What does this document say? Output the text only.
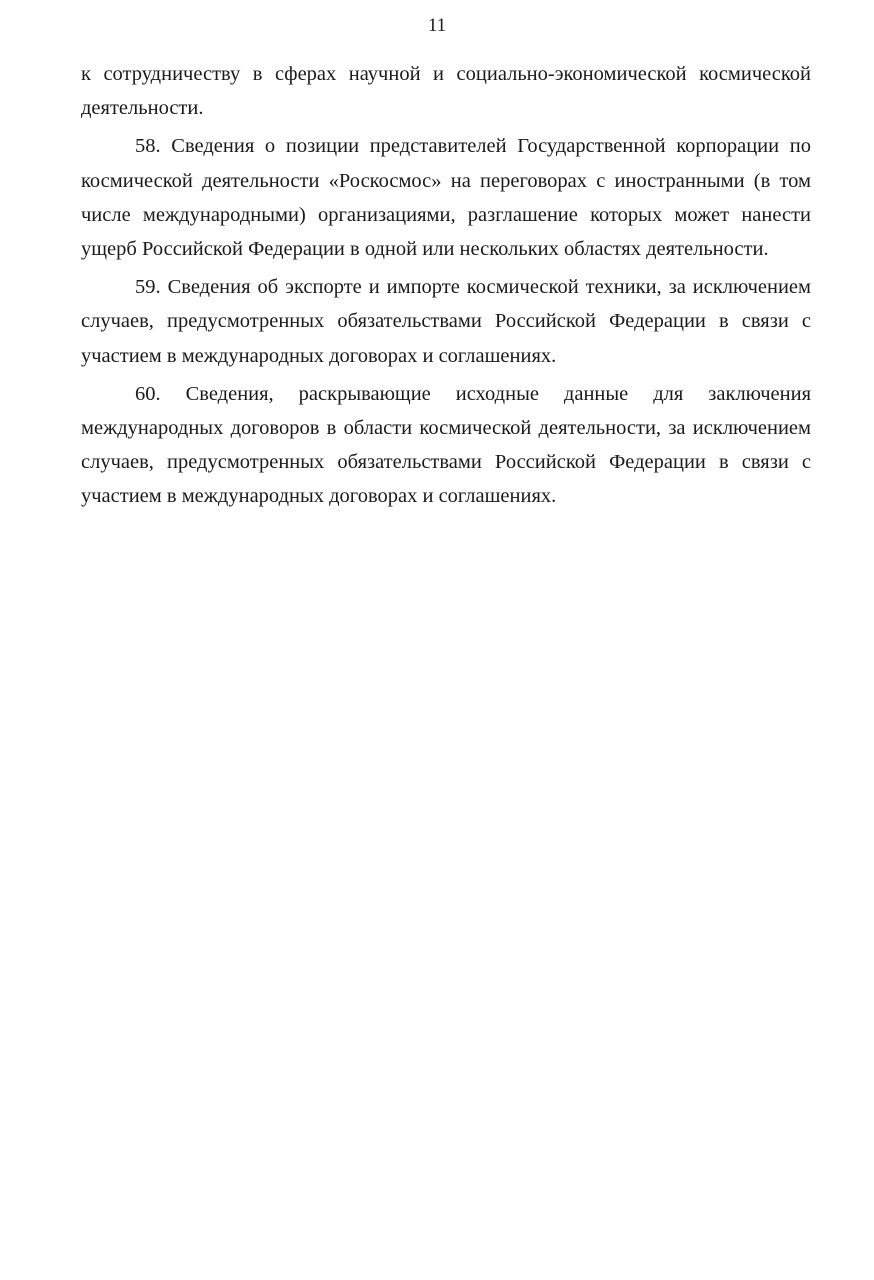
11

к сотрудничеству в сферах научной и социально-экономической космической деятельности.

58. Сведения о позиции представителей Государственной корпорации по космической деятельности «Роскосмос» на переговорах с иностранными (в том числе международными) организациями, разглашение которых может нанести ущерб Российской Федерации в одной или нескольких областях деятельности.

59. Сведения об экспорте и импорте космической техники, за исключением случаев, предусмотренных обязательствами Российской Федерации в связи с участием в международных договорах и соглашениях.

60. Сведения, раскрывающие исходные данные для заключения международных договоров в области космической деятельности, за исключением случаев, предусмотренных обязательствами Российской Федерации в связи с участием в международных договорах и соглашениях.
